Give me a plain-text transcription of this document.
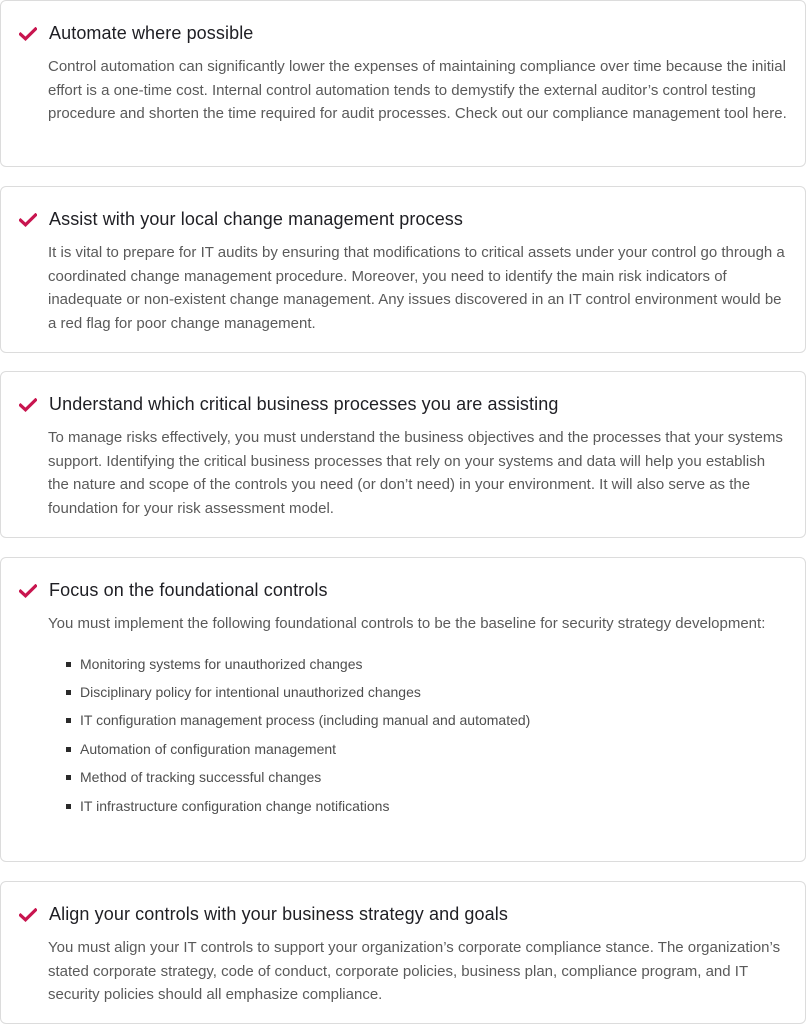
Automate where possible

Control automation can significantly lower the expenses of maintaining compliance over time because the initial effort is a one-time cost. Internal control automation tends to demystify the external auditor’s control testing procedure and shorten the time required for audit processes. Check out our compliance management tool here.

Assist with your local change management process

It is vital to prepare for IT audits by ensuring that modifications to critical assets under your control go through a coordinated change management procedure. Moreover, you need to identify the main risk indicators of inadequate or non-existent change management. Any issues discovered in an IT control environment would be a red flag for poor change management.

Understand which critical business processes you are assisting

To manage risks effectively, you must understand the business objectives and the processes that your systems support. Identifying the critical business processes that rely on your systems and data will help you establish the nature and scope of the controls you need (or don’t need) in your environment. It will also serve as the foundation for your risk assessment model.

Focus on the foundational controls

You must implement the following foundational controls to be the baseline for security strategy development:

Monitoring systems for unauthorized changes
Disciplinary policy for intentional unauthorized changes
IT configuration management process (including manual and automated)
Automation of configuration management
Method of tracking successful changes
IT infrastructure configuration change notifications
Align your controls with your business strategy and goals

You must align your IT controls to support your organization’s corporate compliance stance. The organization’s stated corporate strategy, code of conduct, corporate policies, business plan, compliance program, and IT security policies should all emphasize compliance.
